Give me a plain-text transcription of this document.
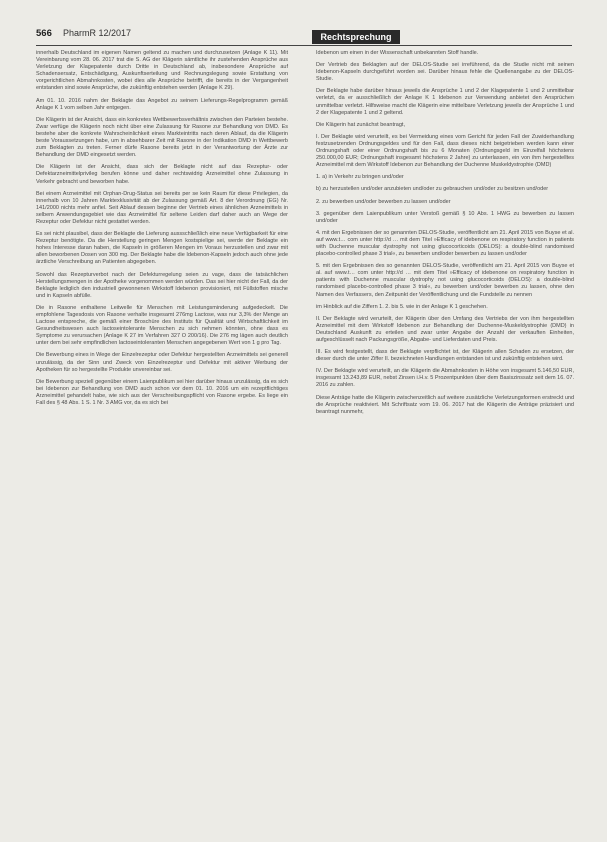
566 PharmR 12/2017	Rechtsprechung

innerhalb Deutschland im eigenen Namen geltend zu machen und durchzusetzen (Anlage K 11). Mit Vereinbarung vom 28. 06. 2017 trat die S. AG der Klägerin sämtliche ihr zustehenden Ansprüche aus Verletzung der Klagepatente durch Dritte in Deutschland ab, insbesondere Ansprüche auf Schadensersatz, Entschädigung, Auskunftserteilung und Rechnungslegung sowie Erstattung von vorgerichtlichen Abmahnkosten, wobei dies alle Ansprüche betrifft, die bereits in der Vergangenheit entstanden sind sowie Ansprüche, die zukünftig entstehen werden (Anlage K 29).

Am 01. 10. 2016 nahm der Beklagte das Angebot zu seinem Lieferungs-Regelprogramm gemäß Anlage K 1 vom selben Jahr entgegen.

Die Klägerin ist der Ansicht, dass ein konkretes Wettbewerbsverhältnis zwischen den Parteien bestehe. Zwar verfüge die Klägerin noch nicht über eine Zulassung für Rasone zur Behandlung von DMD. Es bestehe aber die konkrete Wahrscheinlichkeit eines Markteintritts nach deren Ablauf, da die Klägerin beste Voraussetzungen habe, um in absehbarer Zeit mit Rasone in der Indikation DMD in Wettbewerb zum Beklagten zu treten. Ferner dürfe Rasone bereits jetzt in der Verantwortung der Ärzte zur Behandlung der DMD eingesetzt werden.

Die Klägerin ist der Ansicht, dass sich der Beklagte nicht auf das Rezeptur- oder Defektarzneimittelprivileg berufen könne und daher rechtswidrig Arzneimittel ohne Zulassung in Verkehr gebracht und beworben habe.

Bei einem Arzneimittel mit Orphan-Drug-Status sei bereits per se kein Raum für diese Privilegien, da innerhalb von 10 Jahren Marktexklusivität ab der Zulassung gemäß Art. 8 der Verordnung (EG) Nr. 141/2000 nichts mehr anfiel. Seit Ablauf dessen beginne der Vertrieb eines ähnlichen Arzneimittels in selbem Anwendungsgebiet wie das Arzneimittel für seltene Leiden darf daher auch an Wege der Rezeptur oder Defektur nicht gestattet werden.

Es sei nicht plausibel, dass der Beklagte die Lieferung aussschließlich eine neue Verfügbarkeit für eine Rezeptur benötigte. Da die Herstellung geringen Mengen kostspielige sei, werde der Beklagte ein hohes Interesse daran haben, die Kapseln in größeren Mengen im Voraus herzustellen und zwar mit allen beworbenen Dosen von 300 mg. Der Beklagte habe die Idebenon-Kapseln jedoch auch ohne jede ärztliche Verschreibung an Patienten abgegeben.

Sowohl das Rezepturverbot nach der Defekturregelung seien zu vage, dass die tatsächlichen Herstellungsmengen in der Apotheke vorgenommen werden würden. Das sei hier nicht der Fall, da der Beklagte lediglich den industriell gewonnenen Wirkstoff Idebenon provisioniert, mit Füllstoffen mische und in Kapseln abfülle.

Die in Rasone enthaltene Leitwelle für Menschen mit Leistungsminderung aufgedeckelt. Die empfohlene Tagesdosis von Rasone verhalte insgesamt 276mg Lactose, was nur 3,3% der Menge an Lactose entspreche, die gemäß einer Broschüre des Instituts für Qualität und Wirtschaftlichkeit im Gesundheitswesen auch lactoseintolerante Menschen zu sich nehmen könnten, ohne dass es Symptome zu verursachen (Anlage K 27 im Verfahren 327 O 200/16). Die 276 mg lägen auch deutlich unter dem bei sehr empfindlichen lactoseintoleranten Menschen angegebenen Wert von 1 g pro Tag.

Die Bewerbung eines in Wege der Einzelrezeptur oder Defektur hergestellten Arzneimittels sei generell unzulässig, da der Sinn und Zweck von Einzelrezeptur und Defektur mit aktiver Werbung der Apotheken für so hergestellte Produkte unvereinbar sei.

Die Bewerbung speziell gegenüber einem Laienpublikum sei hier darüber hinaus unzulässig, da es sich bei Idebenon zur Behandlung von DMD auch schon vor dem 01. 10. 2016 um ein rezeptflichtiges Arzneimittel gehandelt habe, wie sich aus der Verschreibungspflicht von Rasone ergebe. Es liege ein Fall des § 48 Abs. 1 S. 1 Nr. 3 AMG vor, da es sich bei

Idebenon um einen in der Wissenschaft unbekannten Stoff handle.

Der Vertrieb des Beklagten auf der DELOS-Studie sei irreführend, da die Studie nicht mit seinen Idebenon-Kapseln durchgeführt worden sei. Darüber hinaus fehle die Quellenangabe zu der DELOS-Studie.

Der Beklagte habe darüber hinaus jeweils die Ansprüche 1 und 2 der Klagepatente 1 und 2 unmittelbar verletzt, da er ausschließlich der Anlage K 1 Idebenon zur Verwendung anbietet den Ansprüchen unmittelbar verletzt. Hilfsweise macht die Klägerin eine mittelbare Verletzung jeweils der Ansprüche 1 und 2 der Klagepatente 1 und 2 geltend.

Die Klägerin hat zunächst beantragt,

I. Der Beklagte wird verurteilt, es bei Vermeidung eines vom Gericht für jeden Fall der Zuwiderhandlung festzusetzenden Ordnungsgeldes und für den Fall, dass dieses nicht beigetrieben werden kann einer Ordnungshaft oder einer Ordnungshaft bis zu 6 Monaten (Ordnungsgeld im Einzelfall höchstens 250.000,00 EUR; Ordnungshaft insgesamt höchstens 2 Jahre) zu unterlassen, ein von ihm hergestelltes Arzneimittel mit dem Wirkstoff Idebenon zur Behandlung der Duchenne Muskeldystrophie (DMD)

1. a) in Verkehr zu bringen und/oder

b) zu herzustellen und/oder anzubieten und/oder zu gebrauchen und/oder zu besitzen und/oder

2. zu bewerben und/oder bewerben zu lassen und/oder

3. gegenüber dem Laienpublikum unter Verstoß gemäß § 10 Abs. 1 HWG zu bewerben zu lassen und/oder

4. mit den Ergebnissen der so genannten DELOS-Studie, veröffentlicht am 21. April 2015 von Buyse et al. auf www.t… com unter http://d … mit dem Titel »Efficacy of idebenone on respiratory function in patients with Duchenne muscular dystrophy not using glucocorticoids (DELOS): a double-blind randomised placebo-controlled phase 3 trial«, zu bewerben und/oder bewerben zu lassen und/oder

5. mit den Ergebnissen des so genannten DELOS-Studie, veröffentlicht am 21. April 2015 von Buyse et al. auf www.t… com unter http://d … mit dem Titel »Efficacy of idebenone on respiratory function in patients with Duchenne muscular dystrophy not using glucocorticoids (DELOS): a double-blind randomised placebo-controlled phase 3 trial«, zu bewerben und/oder bewerben zu lassen, ohne den Namen des Verfassers, den Zeitpunkt der Veröffentlichung und die Fundstelle zu nennen

im Hinblick auf die Ziffern 1. 2. bis 5. wie in der Anlage K 1 geschehen.

II. Der Beklagte wird verurteilt, der Klägerin über den Umfang des Vertriebs der von ihm hergestellten Arzneimittel mit dem Wirkstoff Idebenon zur Behandlung der Duchenne-Muskeldystrophie (DMD) in Deutschland Auskunft zu erteilen und zwar unter Angabe der Anzahl der verkauften Einheiten, aufgeschlüsselt nach Packungsgröße, Abgabe- und Lieferdaten und Preis.

III. Es wird festgestellt, dass der Beklagte verpflichtet ist, der Klägerin allen Schaden zu ersetzen, der dieser durch die unter Ziffer II. bezeichneten Handlungen entstanden ist und zukünftig entstehen wird.

IV. Der Beklagte wird verurteilt, an die Klägerin die Abmahnkosten in Höhe von insgesamt 5.146,50 EUR, insgesamt 13.243,89 EUR, nebst Zinsen i.H.v. 5 Prozentpunkten über dem Basiszinssatz seit dem 16. 07. 2016 zu zahlen.

Diese Anträge hatte die Klägerin zwischenzeitlich auf weitere zusätzliche Verletzungsformen erstreckt und die Ansprüche reaktiviert. Mit Schriftsatz vom 19. 06. 2017 hat die Klägerin die Anträge präzisiert und beantragt nunmehr,
